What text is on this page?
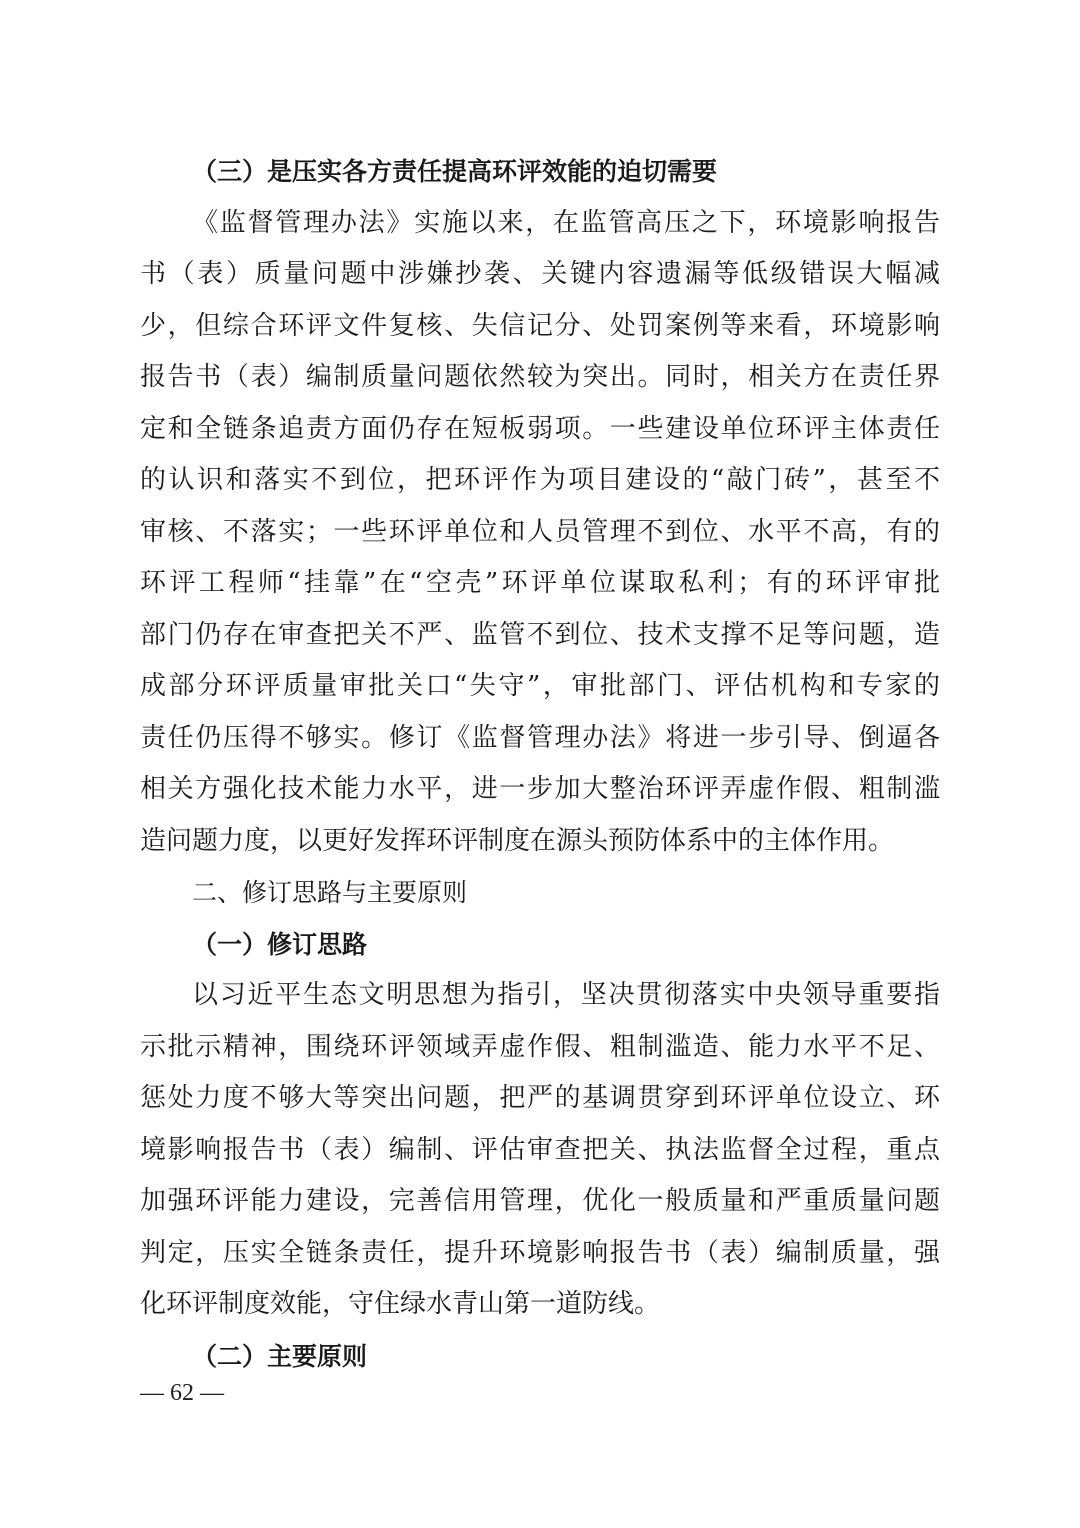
（三）是压实各方责任提高环评效能的迫切需要
《监督管理办法》实施以来，在监管高压之下，环境影响报告
书（表）质量问题中涉嫌抄袭、关键内容遗漏等低级错误大幅减
少，但综合环评文件复核、失信记分、处罚案例等来看，环境影响
报告书（表）编制质量问题依然较为突出。同时，相关方在责任界
定和全链条追责方面仍存在短板弱项。一些建设单位环评主体责任
的认识和落实不到位，把环评作为项目建设的“敲门砖”，甚至不
审核、不落实；一些环评单位和人员管理不到位、水平不高，有的
环评工程师“挂靠”在“空壳”环评单位谋取私利；有的环评审批
部门仍存在审查把关不严、监管不到位、技术支撑不足等问题，造
成部分环评质量审批关口“失守”，审批部门、评估机构和专家的
责任仍压得不够实。修订《监督管理办法》将进一步引导、倒逼各
相关方强化技术能力水平，进一步加大整治环评弄虚作假、粗制滥
造问题力度，以更好发挥环评制度在源头预防体系中的主体作用。
二、修订思路与主要原则
（一）修订思路
以习近平生态文明思想为指引，坚决贯彻落实中央领导重要指
示批示精神，围绕环评领域弄虚作假、粗制滥造、能力水平不足、
惩处力度不够大等突出问题，把严的基调贯穿到环评单位设立、环
境影响报告书（表）编制、评估审查把关、执法监督全过程，重点
加强环评能力建设，完善信用管理，优化一般质量和严重质量问题
判定，压实全链条责任，提升环境影响报告书（表）编制质量，强
化环评制度效能，守住绿水青山第一道防线。
（二）主要原则
— 62 —
